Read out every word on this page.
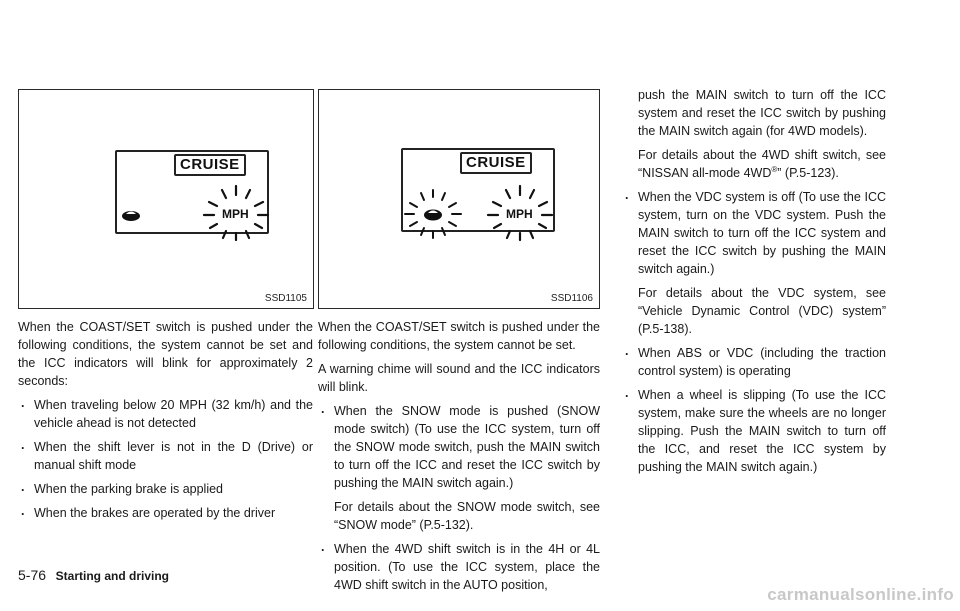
CRUISE
MPH
SSD1105
CRUISE
MPH
SSD1106

When the COAST/SET switch is pushed under the following conditions, the system cannot be set and the ICC indicators will blink for approximately 2 seconds:

. When traveling below 20 MPH (32 km/h) and the vehicle ahead is not detected

. When the shift lever is not in the D (Drive) or manual shift mode

. When the parking brake is applied

. When the brakes are operated by the driver

When the COAST/SET switch is pushed under the following conditions, the system cannot be set.

A warning chime will sound and the ICC indicators will blink.

. When the SNOW mode is pushed (SNOW mode switch) (To use the ICC system, turn off the SNOW mode switch, push the MAIN switch to turn off the ICC and reset the ICC switch by pushing the MAIN switch again.)

For details about the SNOW mode switch, see “SNOW mode” (P.5-132).

. When the 4WD shift switch is in the 4H or 4L position. (To use the ICC system, place the 4WD shift switch in the AUTO position,

push the MAIN switch to turn off the ICC system and reset the ICC switch by pushing the MAIN switch again (for 4WD models).

For details about the 4WD shift switch, see “NISSAN all-mode 4WD®” (P.5-123).

. When the VDC system is off (To use the ICC system, turn on the VDC system. Push the MAIN switch to turn off the ICC system and reset the ICC switch by pushing the MAIN switch again.)

For details about the VDC system, see “Vehicle Dynamic Control (VDC) system” (P.5-138).

. When ABS or VDC (including the traction control system) is operating

. When a wheel is slipping (To use the ICC system, make sure the wheels are no longer slipping. Push the MAIN switch to turn off the ICC, and reset the ICC system by pushing the MAIN switch again.)

5-76 Starting and driving
carmanualsonline.info
